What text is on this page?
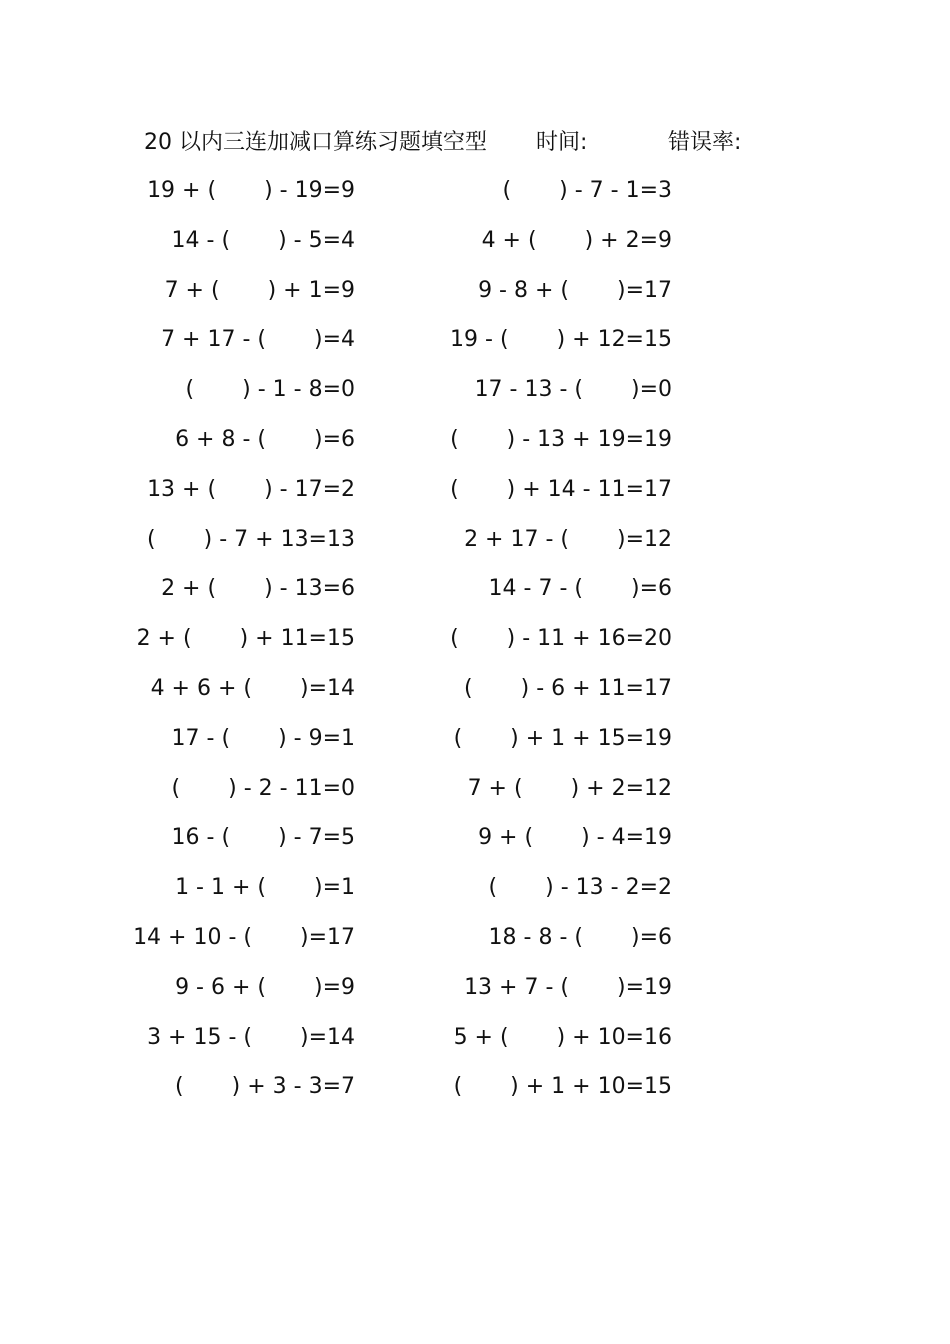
20 以内三连加减口算练习题填空型 时间:	错误率:
19 + ( ) - 19=9	( ) - 7 - 1=3
14 - ( ) - 5=4	4 + ( ) + 2=9
7 + ( ) + 1=9	9 - 8 + ( )=17
7 + 17 - ( )=4	19 - ( ) + 12=15
( ) - 1 - 8=0	17 - 13 - ( )=0
6 + 8 - ( )=6	( ) - 13 + 19=19
13 + ( ) - 17=2	( ) + 14 - 11=17
( ) - 7 + 13=13	2 + 17 - ( )=12
2 + ( ) - 13=6	14 - 7 - ( )=6
2 + ( ) + 11=15	( ) - 11 + 16=20
4 + 6 + ( )=14	( ) - 6 + 11=17
17 - ( ) - 9=1	( ) + 1 + 15=19
( ) - 2 - 11=0	7 + ( ) + 2=12
16 - ( ) - 7=5	9 + ( ) - 4=19
1 - 1 + ( )=1	( ) - 13 - 2=2
14 + 10 - ( )=17	18 - 8 - ( )=6
9 - 6 + ( )=9	13 + 7 - ( )=19
3 + 15 - ( )=14	5 + ( ) + 10=16
( ) + 3 - 3=7	( ) + 1 + 10=15
